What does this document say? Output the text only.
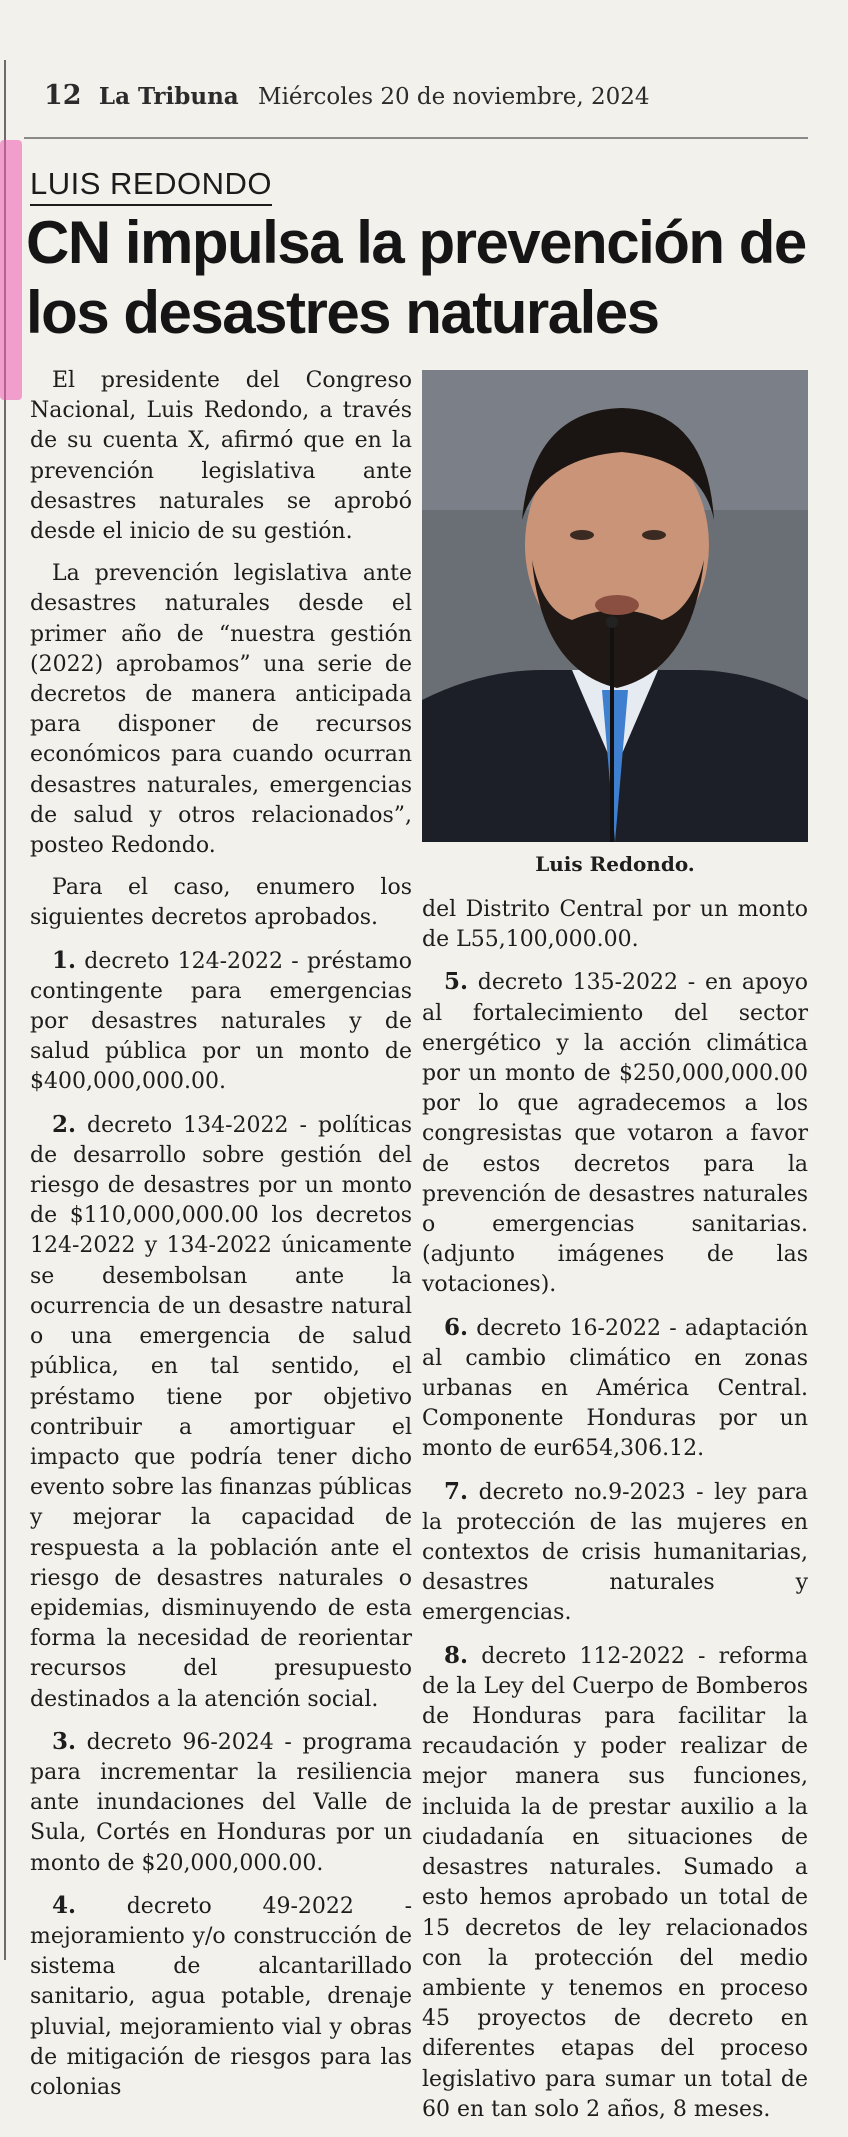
12 La Tribuna Miércoles 20 de noviembre, 2024
LUIS REDONDO
CN impulsa la prevención de los desastres naturales
Luis Redondo.

El presidente del Congreso Nacional, Luis Redondo, a través de su cuenta X, afirmó que en la prevención legislativa ante desastres naturales se aprobó desde el inicio de su gestión.

La prevención legislativa ante desastres naturales desde el primer año de “nuestra gestión (2022) aprobamos” una serie de decretos de manera anticipada para disponer de recursos económicos para cuando ocurran desastres naturales, emergencias de salud y otros relacionados”, posteo Redondo.

Para el caso, enumero los siguientes decretos aprobados.

1. decreto 124-2022 - préstamo contingente para emergencias por desastres naturales y de salud pública por un monto de $400,000,000.00.

2. decreto 134-2022 - políticas de desarrollo sobre gestión del riesgo de desastres por un monto de $110,000,000.00 los decretos 124-2022 y 134-2022 únicamente se desembolsan ante la ocurrencia de un desastre natural o una emergencia de salud pública, en tal sentido, el préstamo tiene por objetivo contribuir a amortiguar el impacto que podría tener dicho evento sobre las finanzas públicas y mejorar la capacidad de respuesta a la población ante el riesgo de desastres naturales o epidemias, disminuyendo de esta forma la necesidad de reorientar recursos del presupuesto destinados a la atención social.

3. decreto 96-2024 - programa para incrementar la resiliencia ante inundaciones del Valle de Sula, Cortés en Honduras por un monto de $20,000,000.00.

4. decreto 49-2022 - mejoramiento y/o construcción de sistema de alcantarillado sanitario, agua potable, drenaje pluvial, mejoramiento vial y obras de mitigación de riesgos para las colonias

del Distrito Central por un monto de L55,100,000.00.

5. decreto 135-2022 - en apoyo al fortalecimiento del sector energético y la acción climática por un monto de $250,000,000.00 por lo que agradecemos a los congresistas que votaron a favor de estos decretos para la prevención de desastres naturales o emergencias sanitarias. (adjunto imágenes de las votaciones).

6. decreto 16-2022 - adaptación al cambio climático en zonas urbanas en América Central. Componente Honduras por un monto de eur654,306.12.

7. decreto no.9-2023 - ley para la protección de las mujeres en contextos de crisis humanitarias, desastres naturales y emergencias.

8. decreto 112-2022 - reforma de la Ley del Cuerpo de Bomberos de Honduras para facilitar la recaudación y poder realizar de mejor manera sus funciones, incluida la de prestar auxilio a la ciudadanía en situaciones de desastres naturales. Sumado a esto hemos aprobado un total de 15 decretos de ley relacionados con la protección del medio ambiente y tenemos en proceso 45 proyectos de decreto en diferentes etapas del proceso legislativo para sumar un total de 60 en tan solo 2 años, 8 meses.
